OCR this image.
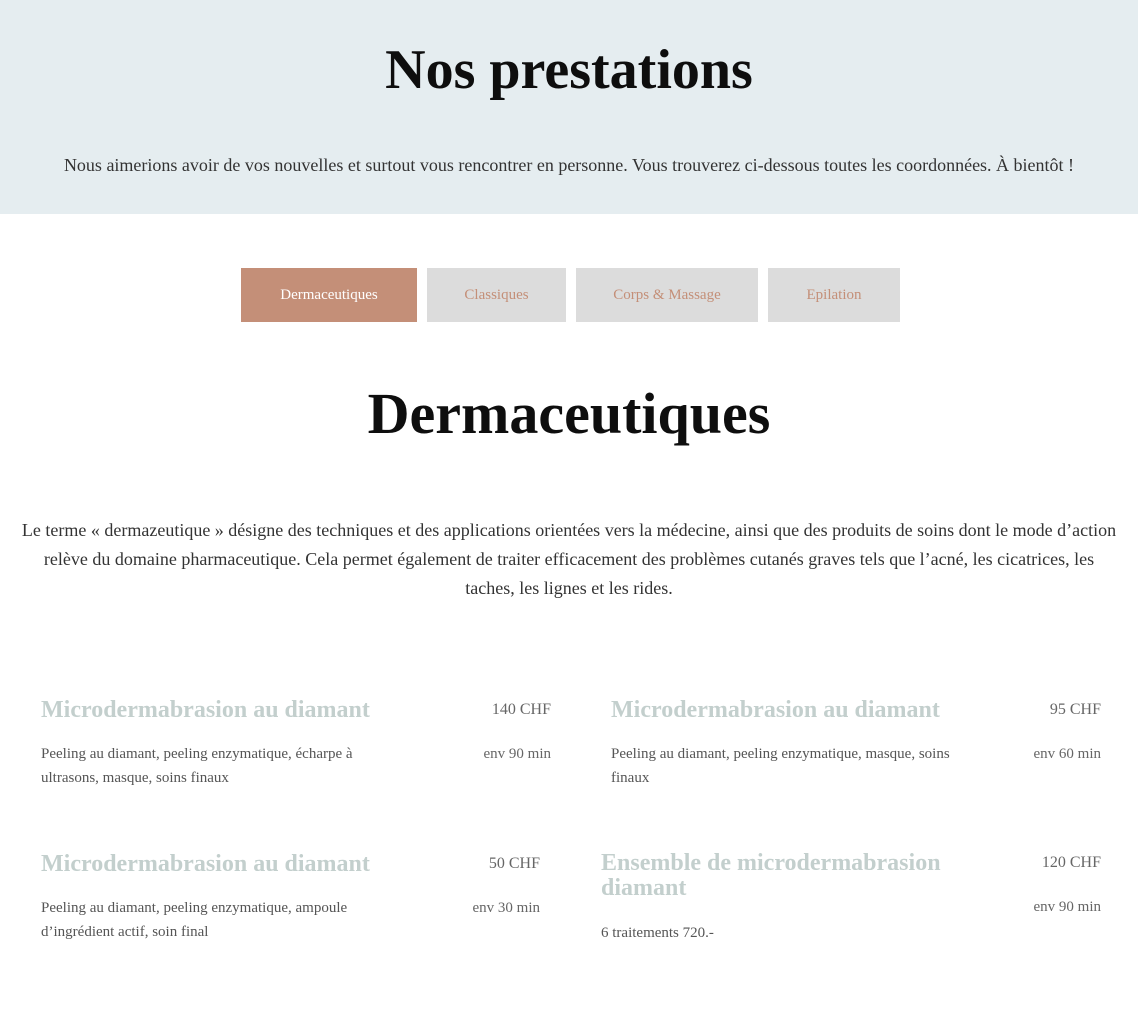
Nos prestations

Nous aimerions avoir de vos nouvelles et surtout vous rencontrer en personne. Vous trouverez ci-dessous toutes les coordonnées. À bientôt !

Dermaceutiques	Classiques	Corps & Massage	Epilation
Dermaceutiques

Le terme « dermazeutique » désigne des techniques et des applications orientées vers la médecine, ainsi que des produits de soins dont le mode d’action relève du domaine pharmaceutique. Cela permet également de traiter efficacement des problèmes cutanés graves tels que l’acné, les cicatrices, les taches, les lignes et les rides.

Microdermabrasion au diamant	140 CHF
Peeling au diamant, peeling enzymatique, écharpe à ultrasons, masque, soins finaux
env 90 min
Microdermabrasion au diamant	95 CHF
Peeling au diamant, peeling enzymatique, masque, soins finaux
env 60 min
Microdermabrasion au diamant	50 CHF
Peeling au diamant, peeling enzymatique, ampoule d’ingrédient actif, soin final
env 30 min
Ensemble de microdermabrasion diamant
120 CHF
6 traitements 720.-
env 90 min
